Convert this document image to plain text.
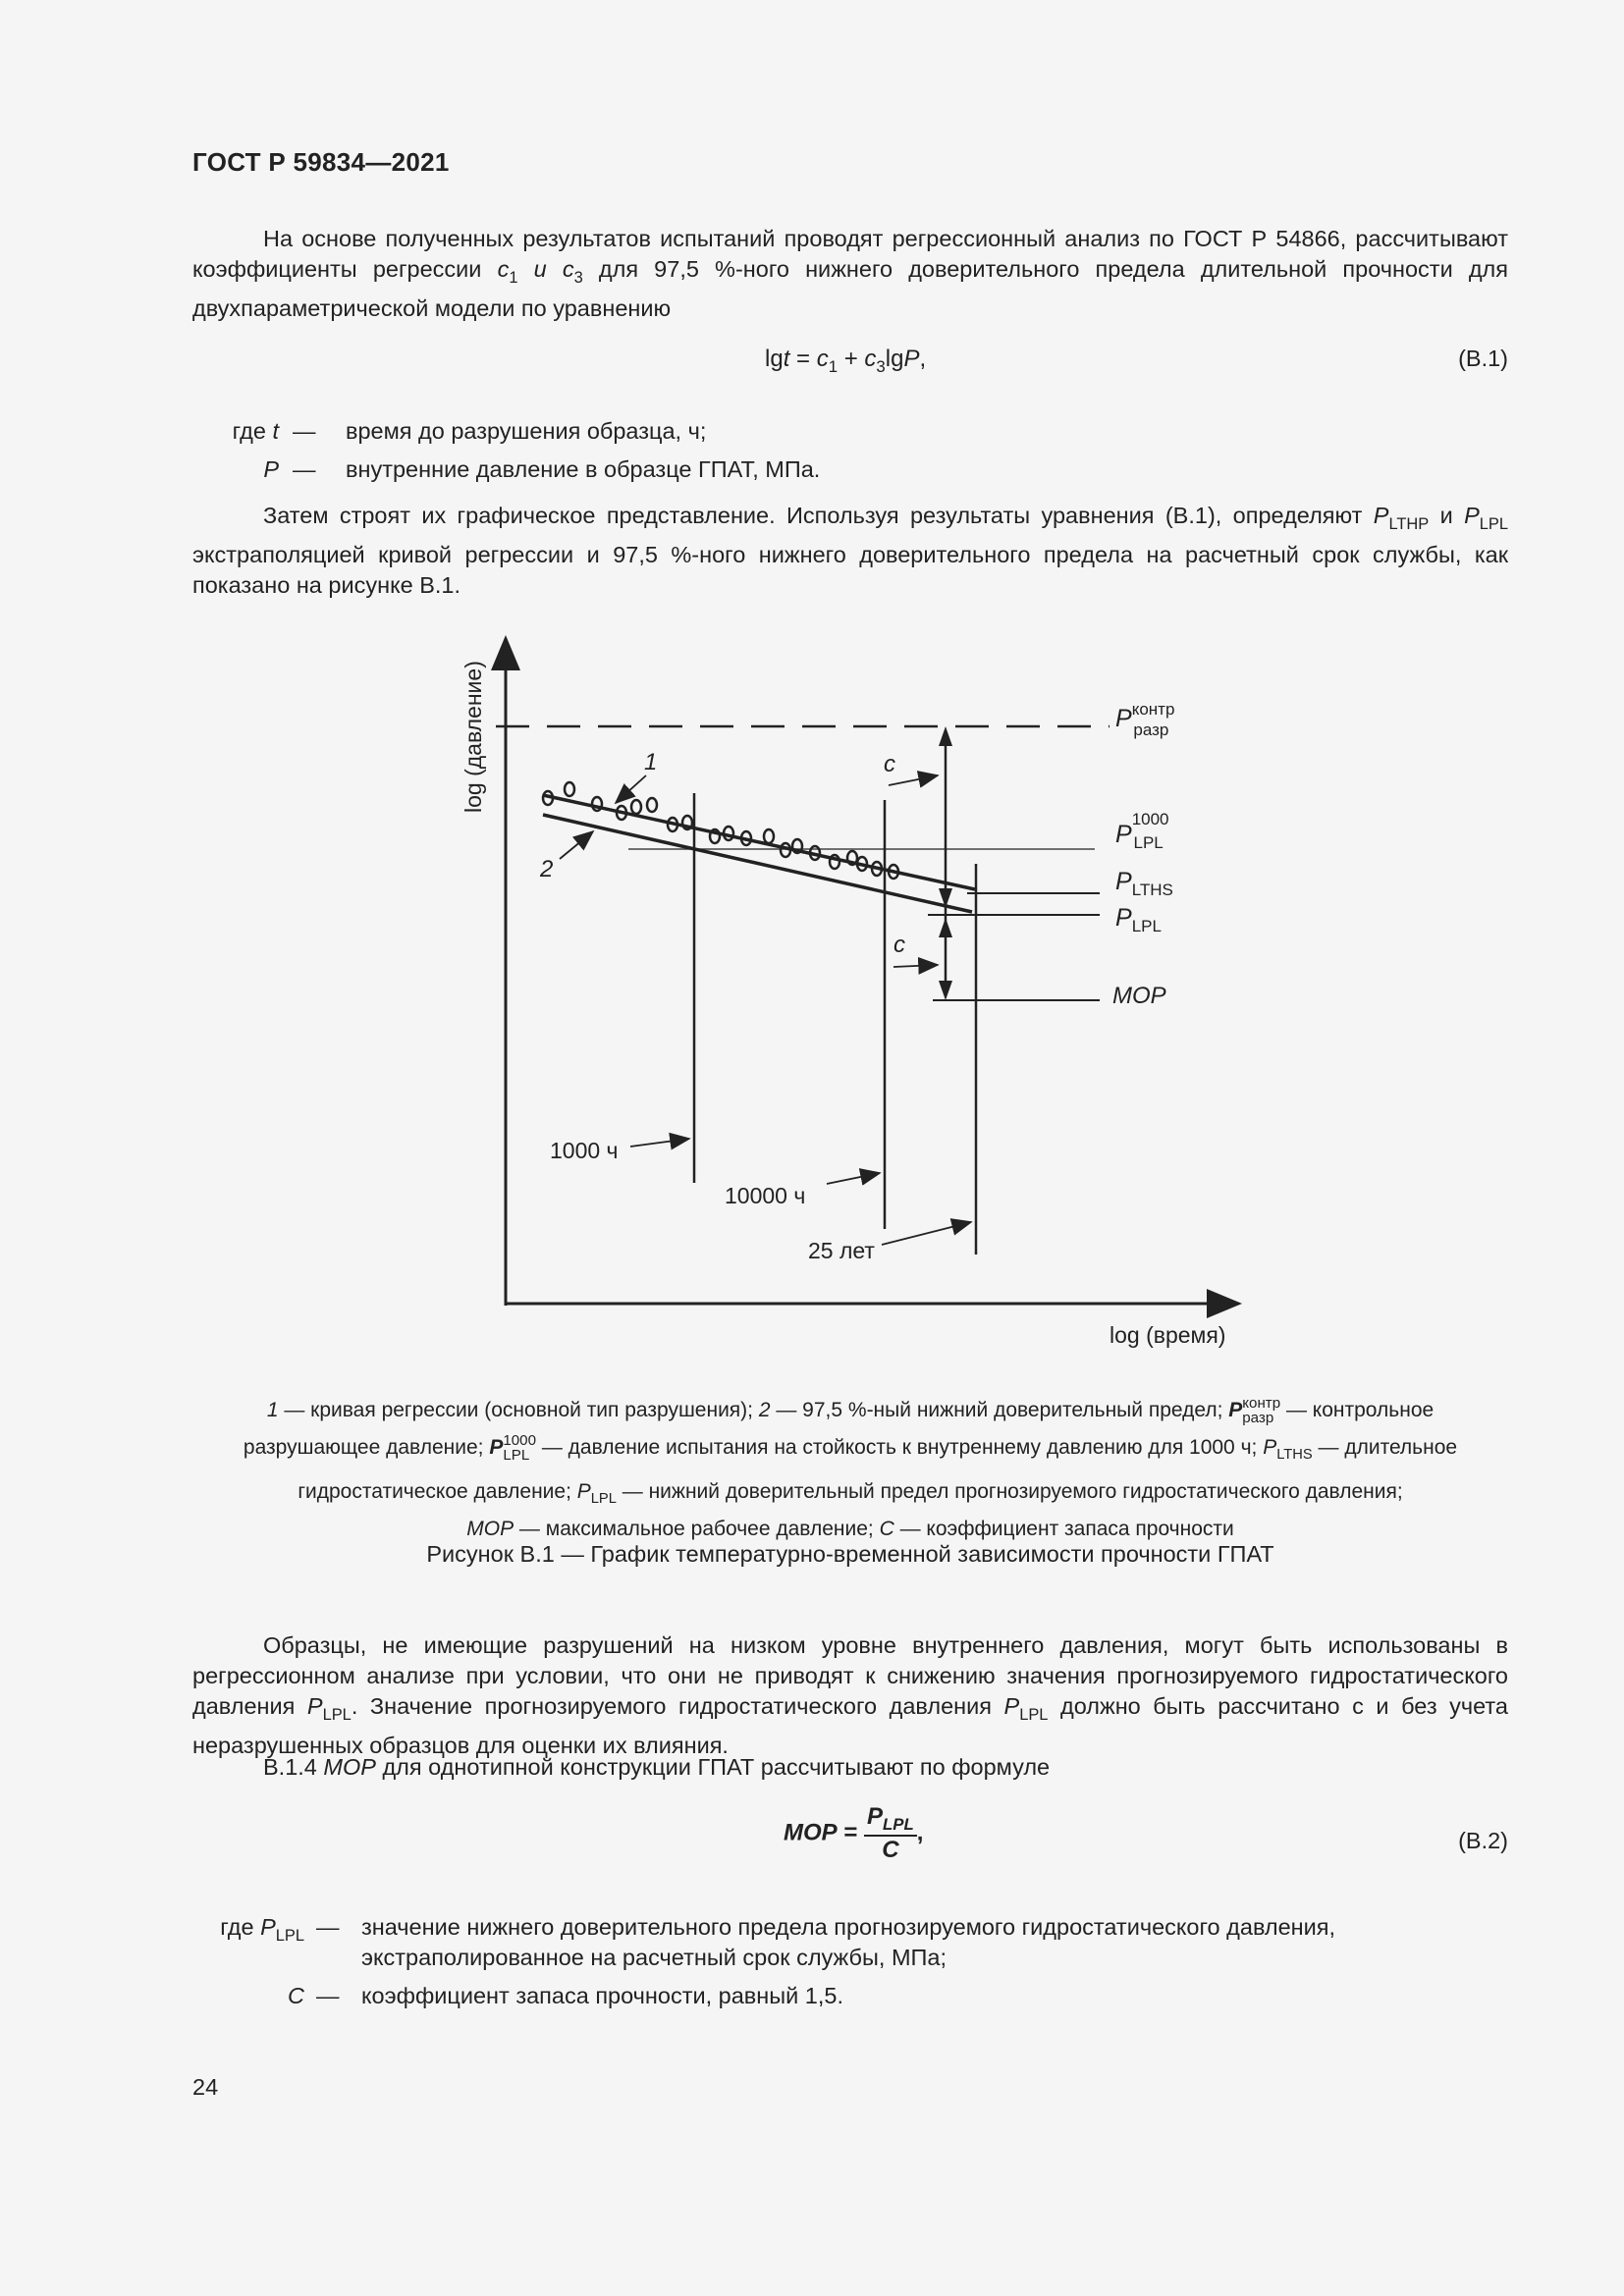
ГОСТ Р 59834—2021
На основе полученных результатов испытаний проводят регрессионный анализ по ГОСТ Р 54866, рассчитывают коэффициенты регрессии $c_1$ и $c_3$ для 97,5 %-ного нижнего доверительного предела длительной прочности для двухпараметрической модели по уравнению
$\lg t = c_1 + c_3\lg P$,	(B.1)
где t	—	время до разрушения образца, ч;
P	—	внутренние давление в образце ГПАТ, МПа.
Затем строят их графическое представление. Используя результаты уравнения (B.1), определяют $P_{LTHP}$ и $P_{LPL}$ экстраполяцией кривой регрессии и 97,5 %-ного нижнего доверительного предела на расчетный срок службы, как показано на рисунке B.1.
log (давление)
log (время)
c
c
1
2
$P^{контр}$ разр
$P^{1000}$ LPL
$P_{LTHS}$
$P_{LPL}$
MOP
1000 ч
10000 ч
25 лет
1 — кривая регрессии (основной тип разрушения); 2 — 97,5 %-ный нижний доверительный предел; P контр
разр — контрольное
разрушающее давление; P 1000
LPL — давление испытания на стойкость к внутреннему давлению для 1000 ч; $P_{LTHS}$ — длительное
гидростатическое давление; $P_{LPL}$ — нижний доверительный предел прогнозируемого гидростатического давления;
MOP — максимальное рабочее давление; C — коэффициент запаса прочности
Рисунок B.1 — График температурно-временной зависимости прочности ГПАТ
Образцы, не имеющие разрушений на низком уровне внутреннего давления, могут быть использованы в регрессионном анализе при условии, что они не приводят к снижению значения прогнозируемого гидростатического давления $P_{LPL}$. Значение прогнозируемого гидростатического давления $P_{LPL}$ должно быть рассчитано с и без учета неразрушенных образцов для оценки их влияния.
B.1.4 MOP для однотипной конструкции ГПАТ рассчитывают по формуле
MOP = $\frac{P_{LPL}}{C}$ ,	(B.2)
где $P_{LPL}$	—	значение нижнего доверительного предела прогнозируемого гидростатического давления, экстраполированное на расчетный срок службы, МПа;
C	—	коэффициент запаса прочности, равный 1,5.
24
